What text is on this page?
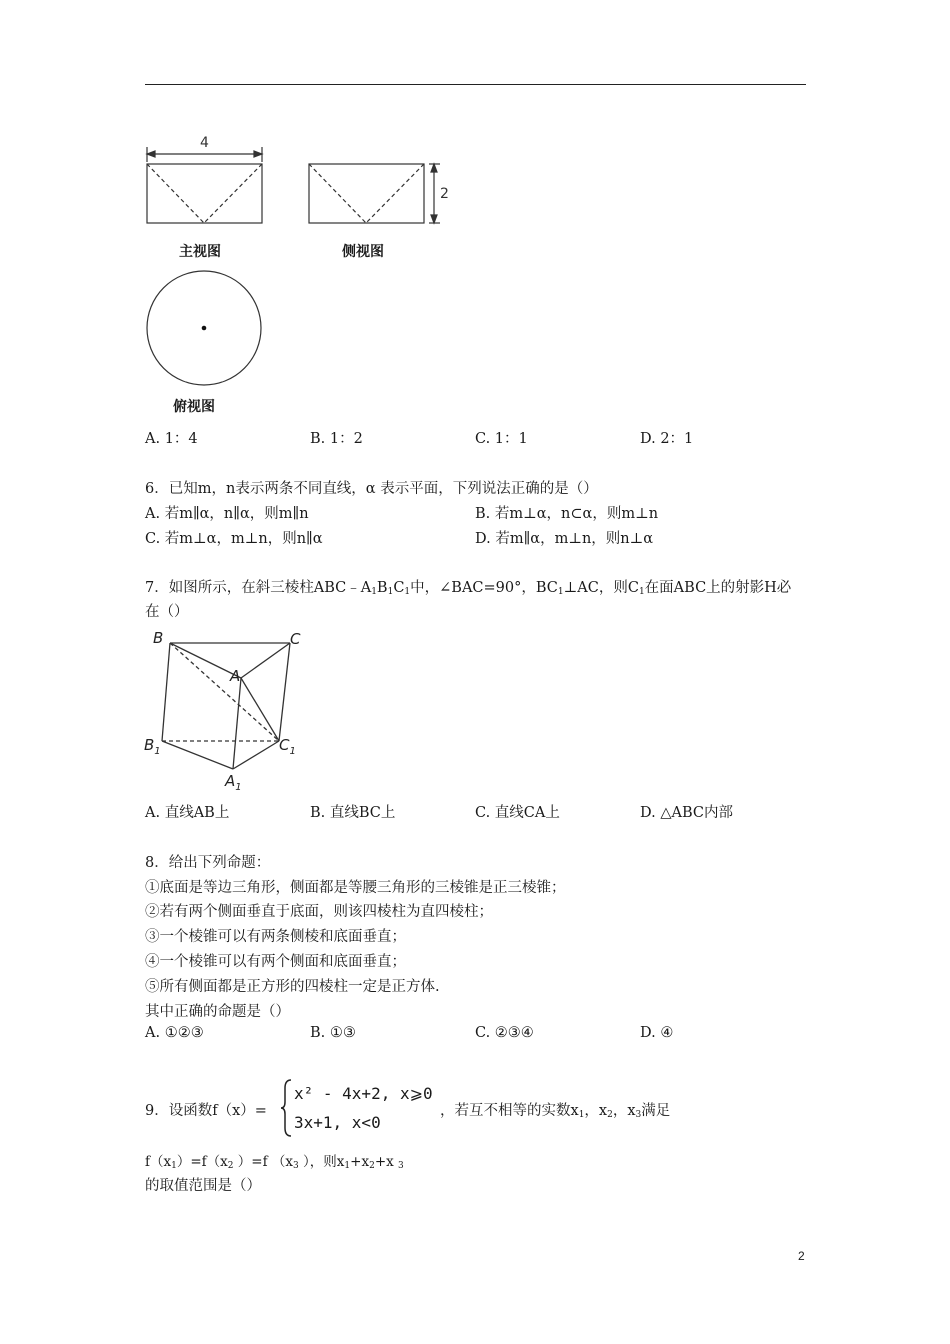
4
2
主视图	侧视图
俯视图
A. 1：4	B. 1：2	C. 1：1	D. 2：1
6．已知m，n表示两条不同直线，α 表示平面，下列说法正确的是（）
A. 若m∥α，n∥α，则m∥n	B. 若m⊥α，n⊂α，则m⊥n
C. 若m⊥α，m⊥n，则n∥α	D. 若m∥α，m⊥n，则n⊥α
7．如图所示，在斜三棱柱$ABC﹣A_1B_1C_1$中，∠BAC=90°，$BC_1\perp AC$，则$C_1$在面ABC上的射影H必
在（）
B	C
A
$B_1$	$C_1$
$A_1$
A. 直线AB上	B. 直线BC上	C. 直线CA上	D. △ABC内部
8．给出下列命题：
①底面是等边三角形，侧面都是等腰三角形的三棱锥是正三棱锥；
②若有两个侧面垂直于底面，则该四棱柱为直四棱柱；
③一个棱锥可以有两条侧棱和底面垂直；
④一个棱锥可以有两个侧面和底面垂直；
⑤所有侧面都是正方形的四棱柱一定是正方体.
其中正确的命题是（）
A. ①②③	B. ①③	C. ②③④	D. ④
9．设函数f（x）=
x² - 4x+2, x⩾0
3x+1, x<0
，若互不相等的实数$x_1$，$x_2$，$x_3$满足
$f(x_1)=f(x_2$ ）=f （$x_3$ ），则$x_1+x_2+x$ $_3$
的取值范围是（）
2
